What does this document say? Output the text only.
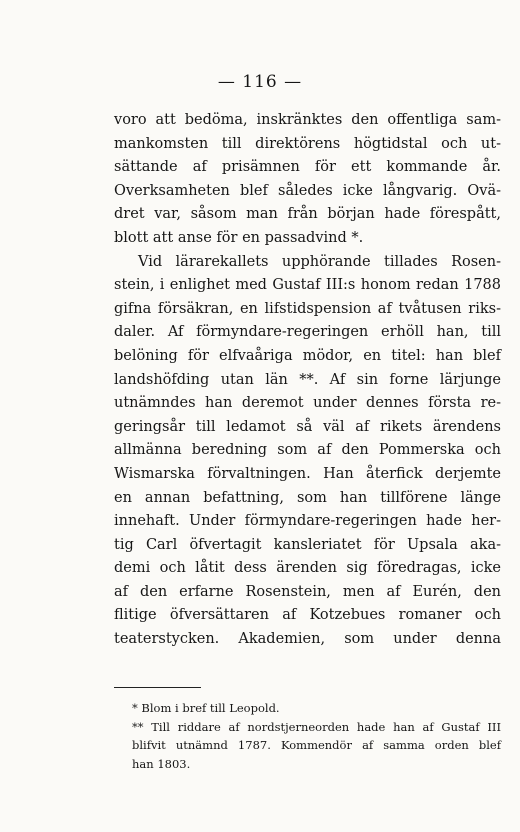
— 116 —
voro att bedöma, inskränktes den offentliga sam-
mankomsten till direktörens högtidstal och ut-
sättande af prisämnen för ett kommande år.
Overksamheten blef således icke långvarig. Ovä-
dret var, såsom man från början hade förespått,
blott att anse för en passadvind *.
Vid lärarekallets upphörande tillades Rosen-
stein, i enlighet med Gustaf III:s honom redan 1788
gifna försäkran, en lifstidspension af tvåtusen riks-
daler. Af förmyndare-regeringen erhöll han, till
belöning för elfvaåriga mödor, en titel: han blef
landshöfding utan län **. Af sin forne lärjunge
utnämndes han deremot under dennes första re-
geringsår till ledamot så väl af rikets ärendens
allmänna beredning som af den Pommerska och
Wismarska förvaltningen. Han återfick derjemte
en annan befattning, som han tillförene länge
innehaft. Under förmyndare-regeringen hade her-
tig Carl öfvertagit kansleriatet för Upsala aka-
demi och låtit dess ärenden sig föredragas, icke
af den erfarne Rosenstein, men af Eurén, den
flitige öfversättaren af Kotzebues romaner och
teaterstycken. Akademien, som under denna
* Blom i bref till Leopold.
** Till riddare af nordstjerneorden hade han af Gustaf III
blifvit utnämnd 1787. Kommendör af samma orden blef
han 1803.
